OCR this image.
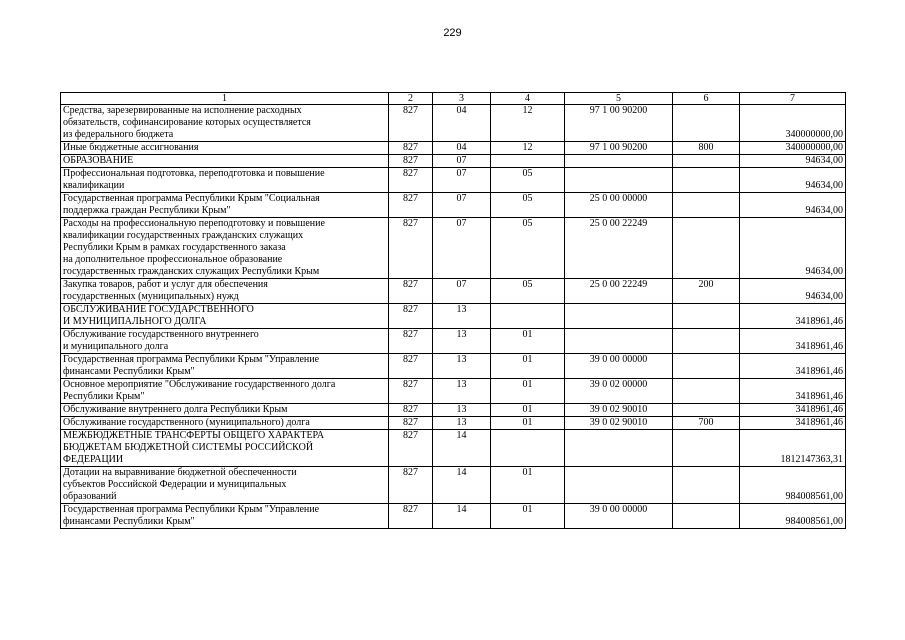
229
1	2	3	4	5	6	7
Средства, зарезервированные на исполнение расходных
обязательств, софинансирование которых осуществляется
из федерального бюджета	827	04	12	97 1 00 90200		340000000,00
Иные бюджетные ассигнования	827	04	12	97 1 00 90200	800	340000000,00
ОБРАЗОВАНИЕ	827	07				94634,00
Профессиональная подготовка, переподготовка и повышение
квалификации	827	07	05			94634,00
Государственная программа Республики Крым "Социальная
поддержка граждан Республики Крым"	827	07	05	25 0 00 00000		94634,00
Расходы на профессиональную переподготовку и повышение
квалификации государственных гражданских служащих
Республики Крым в рамках государственного заказа
на дополнительное профессиональное образование
государственных гражданских служащих Республики Крым	827	07	05	25 0 00 22249		94634,00
Закупка товаров, работ и услуг для обеспечения
государственных (муниципальных) нужд	827	07	05	25 0 00 22249	200	94634,00
ОБСЛУЖИВАНИЕ ГОСУДАРСТВЕННОГО
И МУНИЦИПАЛЬНОГО ДОЛГА	827	13				3418961,46
Обслуживание государственного внутреннего
и муниципального долга	827	13	01			3418961,46
Государственная программа Республики Крым "Управление
финансами Республики Крым"	827	13	01	39 0 00 00000		3418961,46
Основное мероприятие "Обслуживание государственного долга
Республики Крым"	827	13	01	39 0 02 00000		3418961,46
Обслуживание внутреннего долга Республики Крым	827	13	01	39 0 02 90010		3418961,46
Обслуживание государственного (муниципального) долга	827	13	01	39 0 02 90010	700	3418961,46
МЕЖБЮДЖЕТНЫЕ ТРАНСФЕРТЫ ОБЩЕГО ХАРАКТЕРА
БЮДЖЕТАМ БЮДЖЕТНОЙ СИСТЕМЫ РОССИЙСКОЙ
ФЕДЕРАЦИИ	827	14				1812147363,31
Дотации на выравнивание бюджетной обеспеченности
субъектов Российской Федерации и муниципальных
образований	827	14	01			984008561,00
Государственная программа Республики Крым "Управление
финансами Республики Крым"	827	14	01	39 0 00 00000		984008561,00
